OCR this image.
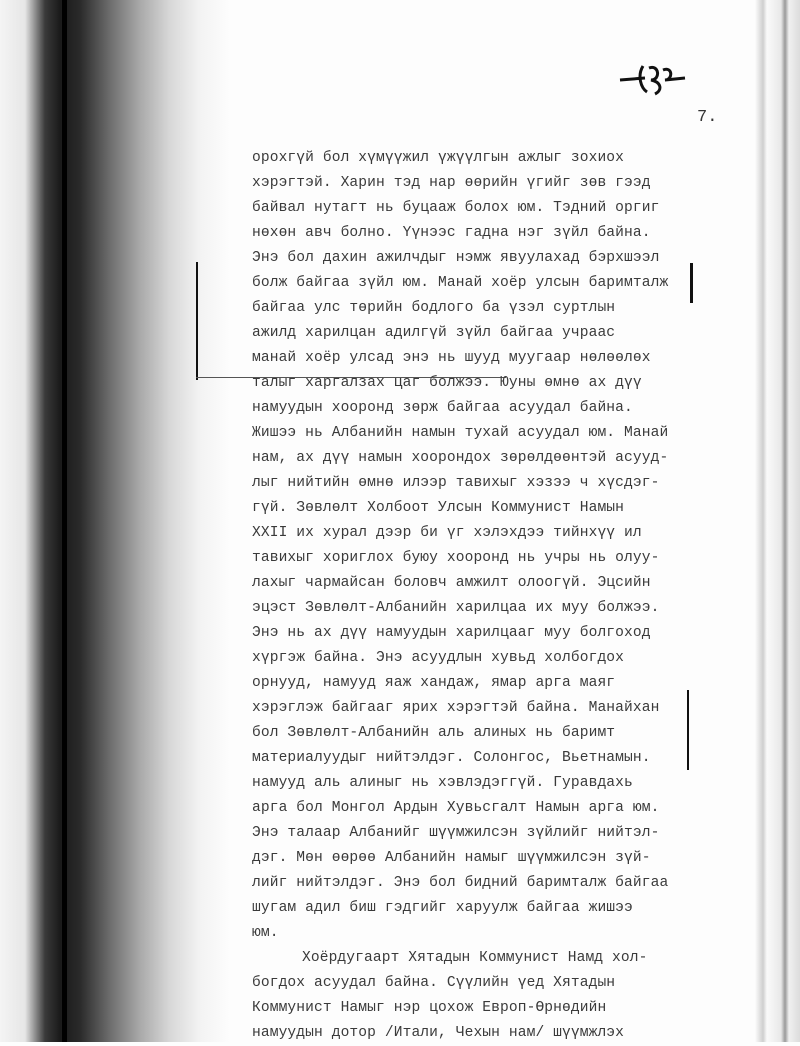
7.
орохгүй бол хүмүүжил үжүүлгын ажлыг зохиох
хэрэгтэй. Харин тэд нар өөрийн үгийг зөв гээд
байвал нутагт нь буцааж болох юм. Тэдний оргиг
нөхөн авч болно. Үүнээс гадна нэг зүйл байна.
Энэ бол дахин ажилчдыг нэмж явуулахад бэрхшээл
болж байгаа зүйл юм. Манай хоёр улсын баримталж
байгаа улс төрийн бодлого ба үзэл суртлын
ажилд харилцан адилгүй зүйл байгаа учраас
манай хоёр улсад энэ нь шууд муугаар нөлөөлөх
талыг харгалзах цаг болжээ. Юуны өмнө ах дүү
намуудын хооронд зөрж байгаа асуудал байна.
Жишээ нь Албанийн намын тухай асуудал юм. Манай
нам, ах дүү намын хоорондох зөрөлдөөнтэй асууд-
лыг нийтийн өмнө илээр тавихыг хэзээ ч хүсдэг-
гүй. Зөвлөлт Холбоот Улсын Коммунист Намын
XXII их хурал дээр би үг хэлэхдээ тийнхүү ил
тавихыг хориглох буюу хооронд нь учры нь олуу-
лахыг чармайсан боловч амжилт олоогүй. Эцсийн
эцэст Зөвлөлт-Албанийн харилцаа их муу болжээ.
Энэ нь ах дүү намуудын харилцааг муу болгоход
хүргэж байна. Энэ асуудлын хувьд холбогдох
орнууд, намууд яаж хандаж, ямар арга маяг
хэрэглэж байгааг ярих хэрэгтэй байна. Манайхан
бол Зөвлөлт-Албанийн аль алиных нь баримт
материалуудыг нийтэлдэг. Солонгос, Вьетнамын.
намууд аль алиныг нь хэвлэдэггүй. Гуравдахь
арга бол Монгол Ардын Хувьсгалт Намын арга юм.
Энэ талаар Албанийг шүүмжилсэн зүйлийг нийтэл-
дэг. Мөн өөрөө Албанийн намыг шүүмжилсэн зүй-
лийг нийтэлдэг. Энэ бол бидний баримталж байгаа
шугам адил биш гэдгийг харуулж байгаа жишээ
юм.
Хоёрдугаарт Хятадын Коммунист Намд хол-
богдох асуудал байна. Сүүлийн үед Хятадын
Коммунист Намыг нэр цохож Европ-Өрнөдийн
намуудын дотор /Итали, Чехын нам/ шүүмжлэх
